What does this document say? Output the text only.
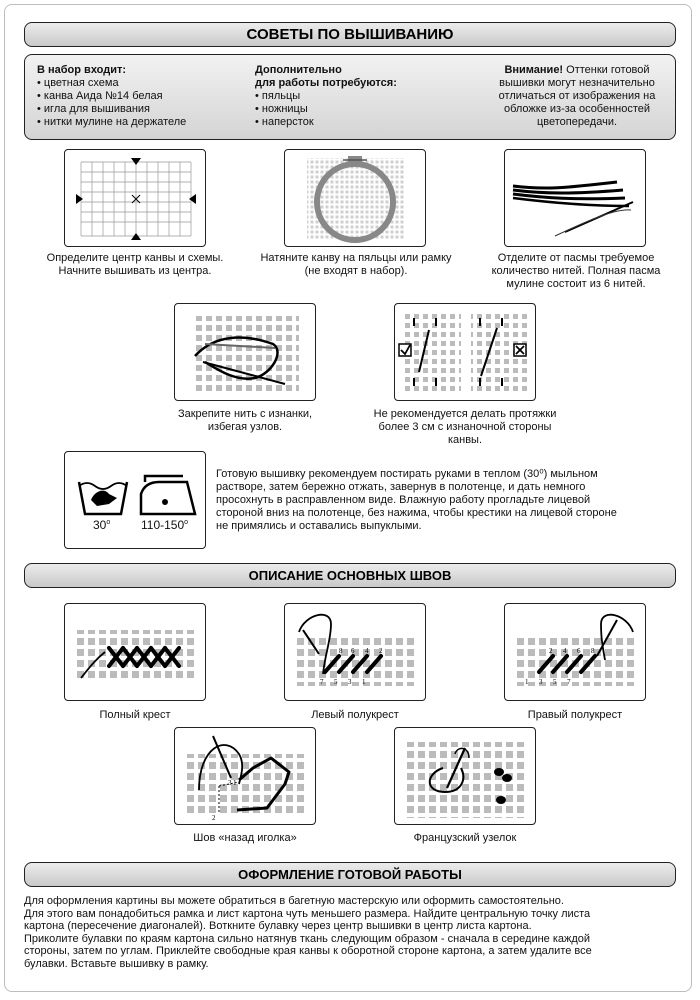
СОВЕТЫ ПО ВЫШИВАНИЮ
В набор входит:
• цветная схема
• канва Аида №14 белая
• игла для вышивания
• нитки мулине на держателе
Дополнительно
для работы потребуются:
• пяльцы
• ножницы
• наперсток
Внимание! Оттенки готовой
вышивки могут незначительно
отличаться от изображения на
обложке из-за особенностей
цветопередачи.
Определите центр канвы и схемы.
Начните вышивать из центра.
Натяните канву на пяльцы или рамку
(не входят в набор).
Отделите от пасмы требуемое
количество нитей. Полная пасма
мулине состоит из 6 нитей.
Закрепите нить с изнанки,
избегая узлов.
Не рекомендуется делать протяжки
более 3 см с изнаночной стороны
канвы.
30$^o$	110-150$^o$
Готовую вышивку рекомендуем постирать руками в теплом (30⁰) мыльном
растворе, затем бережно отжать, завернув в полотенце, и дать немного
просохнуть в расправленном виде. Влажную работу прогладьте лицевой
стороной вниз на полотенце, без нажима, чтобы крестики на лицевой стороне
не примялись и оставались выпуклыми.
ОПИСАНИЕ ОСНОВНЫХ ШВОВ
Полный крест
7 5 3 1
8 6 4 2
Левый полукрест
1 3 5 7
2 4 6 8
Правый полукрест
3 1
2
Шов «назад иголка»	Французский узелок
ОФОРМЛЕНИЕ ГОТОВОЙ РАБОТЫ
Для оформления картины вы можете обратиться в багетную мастерскую или оформить самостоятельно.
Для этого вам понадобиться рамка и лист картона чуть меньшего размера. Найдите центральную точку листа
картона (пересечение диагоналей). Воткните булавку через центр вышивки в центр листа картона.
Приколите булавки по краям картона сильно натянув ткань следующим образом - сначала в середине каждой
стороны, затем по углам. Приклейте свободные края канвы к оборотной стороне картона, а затем удалите все
булавки. Вставьте вышивку в рамку.
